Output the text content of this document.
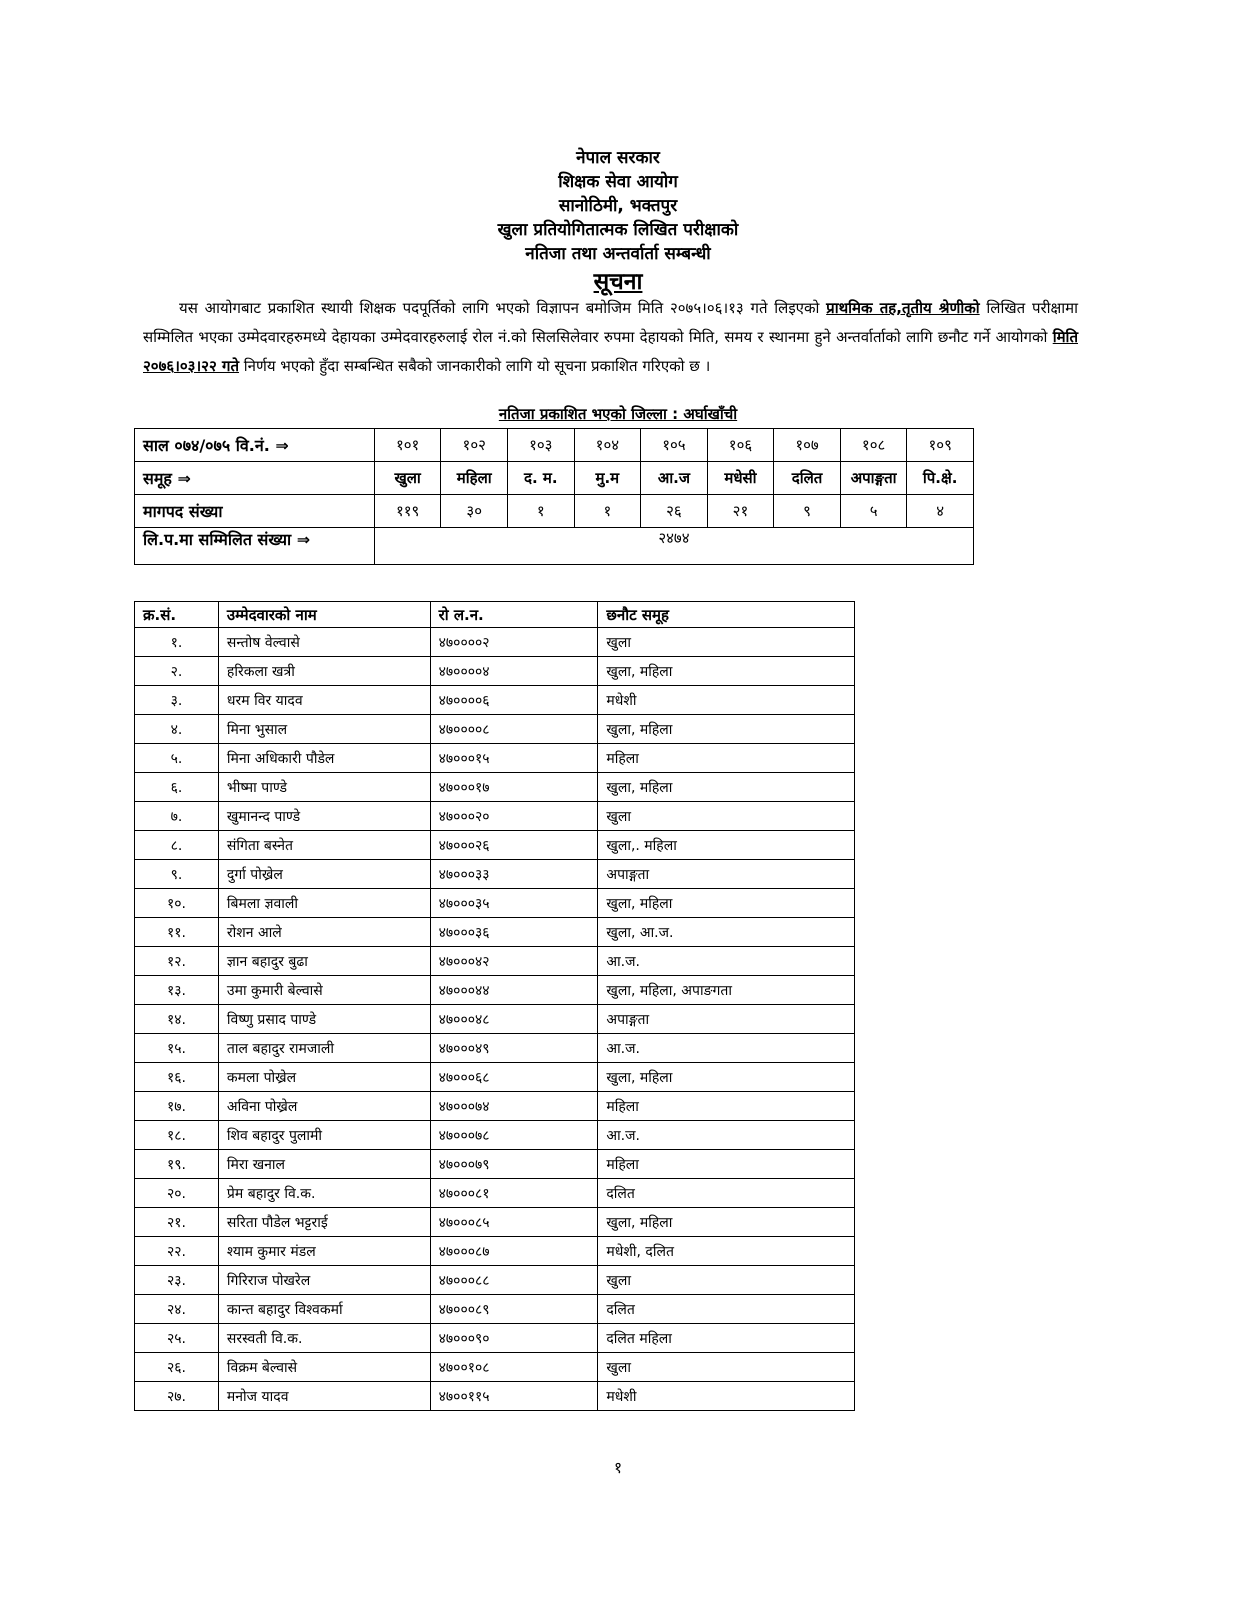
नेपाल सरकार
शिक्षक सेवा आयोग
सानोठिमी, भक्तपुर
खुला प्रतियोगितात्मक लिखित परीक्षाको
नतिजा तथा अन्तर्वार्ता सम्बन्धी
सूचना
यस आयोगबाट प्रकाशित स्थायी शिक्षक पदपूर्तिको लागि भएको विज्ञापन बमोजिम मिति २०७५।०६।१३ गते लिइएको प्राथमिक तह,तृतीय श्रेणीको लिखित परीक्षामा सम्मिलित भएका उम्मेदवारहरुमध्ये देहायका उम्मेदवारहरुलाई रोल नं.को सिलसिलेवार रुपमा देहायको मिति, समय र स्थानमा हुने अन्तर्वार्ताको लागि छनौट गर्ने आयोगको मिति २०७६।०३।२२ गते निर्णय भएको हुँदा सम्बन्धित सबैको जानकारीको लागि यो सूचना प्रकाशित गरिएको छ ।
नतिजा प्रकाशित भएको जिल्ला : अर्घाखाँची
साल ०७४/०७५ वि.नं. ⇒	१०१	१०२	१०३	१०४	१०५	१०६	१०७	१०८	१०९
समूह ⇒	खुला	महिला	द. म.	मु.म	आ.ज	मधेसी	दलित	अपाङ्गता	पि.क्षे.
मागपद संख्या	११९	३०	१	१	२६	२१	९	५	४
लि.प.मा सम्मिलित संख्या ⇒	२४७४								
क्र.सं.	उम्मेदवारको नाम	रो ल.न.	छनौट समूह
१.	सन्तोष वेल्वासे	४७००००२	खुला
२.	हरिकला खत्री	४७००००४	खुला, महिला
३.	धरम विर यादव	४७००००६	मधेशी
४.	मिना भुसाल	४७००००८	खुला, महिला
५.	मिना अधिकारी पौडेल	४७०००१५	महिला
६.	भीष्मा पाण्डे	४७०००१७	खुला, महिला
७.	खुमानन्द पाण्डे	४७०००२०	खुला
८.	संगिता बस्नेत	४७०००२६	खुला,. महिला
९.	दुर्गा पोख्रेल	४७०००३३	अपाङ्गता
१०.	बिमला ज्ञवाली	४७०००३५	खुला, महिला
११.	रोशन आले	४७०००३६	खुला, आ.ज.
१२.	ज्ञान बहादुर बुढा	४७०००४२	आ.ज.
१३.	उमा कुमारी बेल्वासे	४७०००४४	खुला, महिला, अपाङगता
१४.	विष्णु प्रसाद पाण्डे	४७०००४८	अपाङ्गता
१५.	ताल बहादुर रामजाली	४७०००४९	आ.ज.
१६.	कमला पोख्रेल	४७०००६८	खुला, महिला
१७.	अविना पोख्रेल	४७०००७४	महिला
१८.	शिव बहादुर पुलामी	४७०००७८	आ.ज.
१९.	मिरा खनाल	४७०००७९	महिला
२०.	प्रेम बहादुर वि.क.	४७०००८१	दलित
२१.	सरिता पौडेल भट्टराई	४७०००८५	खुला, महिला
२२.	श्याम कुमार मंडल	४७०००८७	मधेशी, दलित
२३.	गिरिराज पोखरेल	४७०००८८	खुला
२४.	कान्त बहादुर विश्वकर्मा	४७०००८९	दलित
२५.	सरस्वती वि.क.	४७०००९०	दलित महिला
२६.	विक्रम बेल्वासे	४७००१०८	खुला
२७.	मनोज यादव	४७००११५	मधेशी
१
